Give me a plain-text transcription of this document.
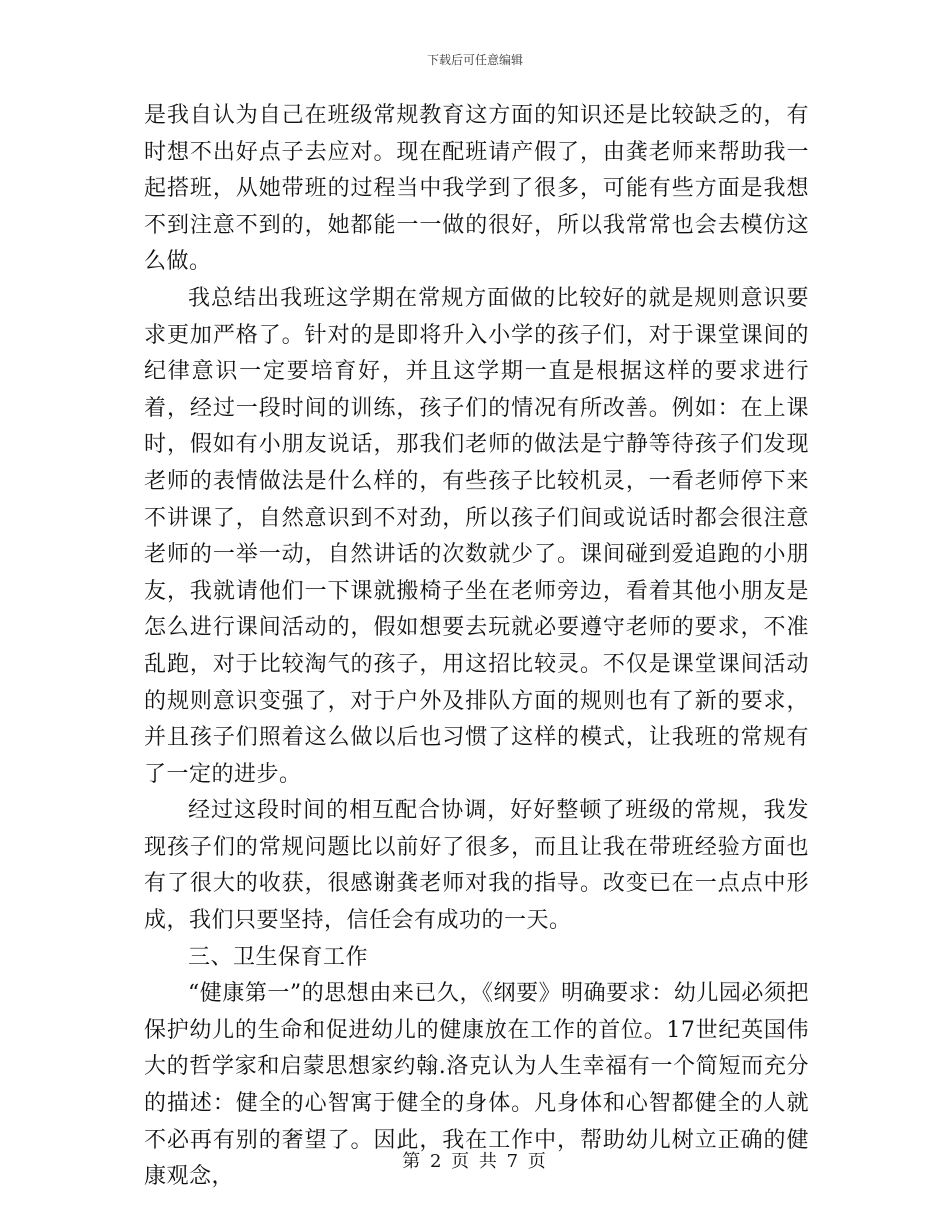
下载后可任意编辑

是我自认为自己在班级常规教育这方面的知识还是比较缺乏的，有时想不出好点子去应对。现在配班请产假了，由龚老师来帮助我一起搭班，从她带班的过程当中我学到了很多，可能有些方面是我想不到注意不到的，她都能一一做的很好，所以我常常也会去模仿这么做。

我总结出我班这学期在常规方面做的比较好的就是规则意识要求更加严格了。针对的是即将升入小学的孩子们，对于课堂课间的纪律意识一定要培育好，并且这学期一直是根据这样的要求进行着，经过一段时间的训练，孩子们的情况有所改善。例如：在上课时，假如有小朋友说话，那我们老师的做法是宁静等待孩子们发现老师的表情做法是什么样的，有些孩子比较机灵，一看老师停下来不讲课了，自然意识到不对劲，所以孩子们间或说话时都会很注意老师的一举一动，自然讲话的次数就少了。课间碰到爱追跑的小朋友，我就请他们一下课就搬椅子坐在老师旁边，看着其他小朋友是怎么进行课间活动的，假如想要去玩就必要遵守老师的要求，不准乱跑，对于比较淘气的孩子，用这招比较灵。不仅是课堂课间活动的规则意识变强了，对于户外及排队方面的规则也有了新的要求，并且孩子们照着这么做以后也习惯了这样的模式，让我班的常规有了一定的进步。

经过这段时间的相互配合协调，好好整顿了班级的常规，我发现孩子们的常规问题比以前好了很多，而且让我在带班经验方面也有了很大的收获，很感谢龚老师对我的指导。改变已在一点点中形成，我们只要坚持，信任会有成功的一天。

三、卫生保育工作

“健康第一”的思想由来已久，《纲要》明确要求：幼儿园必须把保护幼儿的生命和促进幼儿的健康放在工作的首位。17世纪英国伟大的哲学家和启蒙思想家约翰.洛克认为人生幸福有一个简短而充分的描述：健全的心智寓于健全的身体。凡身体和心智都健全的人就不必再有别的奢望了。因此，我在工作中，帮助幼儿树立正确的健康观念，

第 2 页 共 7 页
